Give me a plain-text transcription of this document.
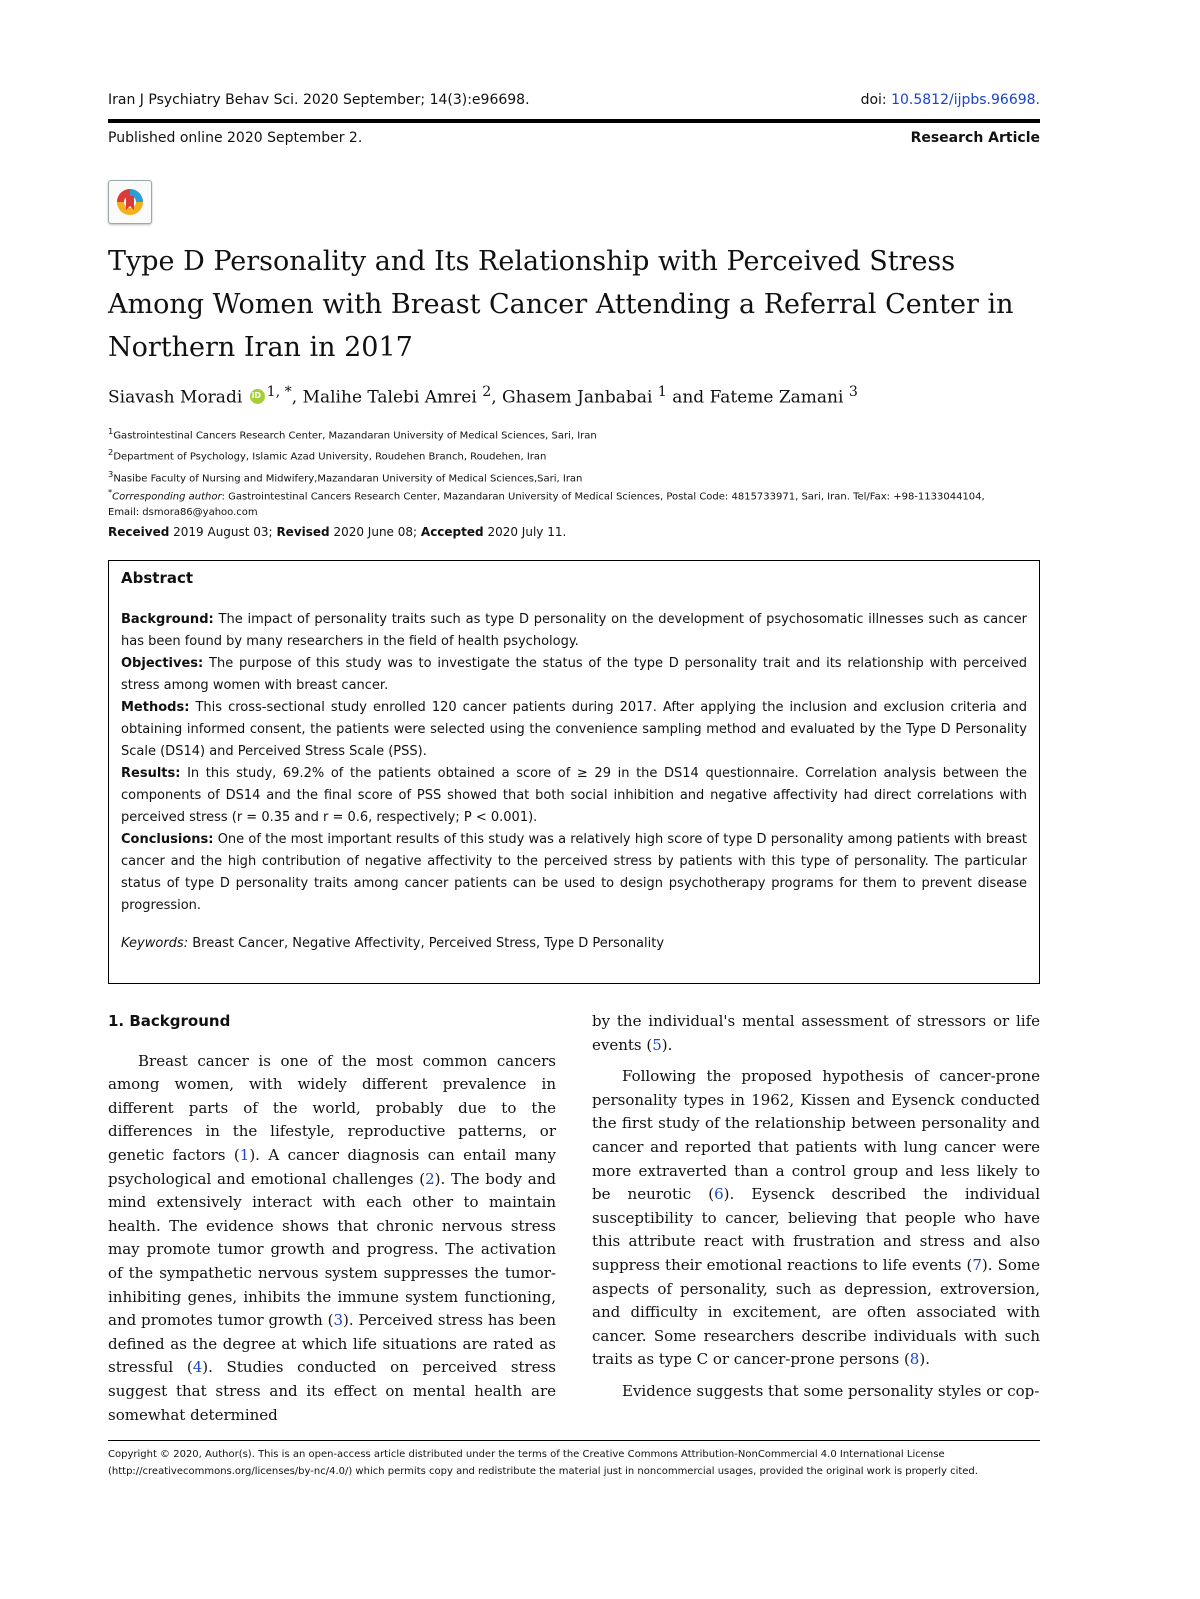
Iran J Psychiatry Behav Sci. 2020 September; 14(3):e96698.	doi: 10.5812/ijpbs.96698.
Published online 2020 September 2.	Research Article
Type D Personality and Its Relationship with Perceived Stress Among Women with Breast Cancer Attending a Referral Center in Northern Iran in 2017
Siavash Moradi iD $^{1, *}$, Malihe Talebi Amrei $^2$, Ghasem Janbabai $^1$ and Fateme Zamani $^3$
$^1$Gastrointestinal Cancers Research Center, Mazandaran University of Medical Sciences, Sari, Iran
$^2$Department of Psychology, Islamic Azad University, Roudehen Branch, Roudehen, Iran
$^3$Nasibe Faculty of Nursing and Midwifery,Mazandaran University of Medical Sciences,Sari, Iran
*Corresponding author: Gastrointestinal Cancers Research Center, Mazandaran University of Medical Sciences, Postal Code: 4815733971, Sari, Iran. Tel/Fax: +98-1133044104,
Email: dsmora86@yahoo.com
Received 2019 August 03; Revised 2020 June 08; Accepted 2020 July 11.
Abstract

Background: The impact of personality traits such as type D personality on the development of psychosomatic illnesses such as cancer has been found by many researchers in the field of health psychology.

Objectives: The purpose of this study was to investigate the status of the type D personality trait and its relationship with perceived stress among women with breast cancer.

Methods: This cross-sectional study enrolled 120 cancer patients during 2017. After applying the inclusion and exclusion criteria and obtaining informed consent, the patients were selected using the convenience sampling method and evaluated by the Type D Personality Scale (DS14) and Perceived Stress Scale (PSS).

Results: In this study, 69.2% of the patients obtained a score of ≥ 29 in the DS14 questionnaire. Correlation analysis between the components of DS14 and the final score of PSS showed that both social inhibition and negative affectivity had direct correlations with perceived stress (r = 0.35 and r = 0.6, respectively; P < 0.001).

Conclusions: One of the most important results of this study was a relatively high score of type D personality among patients with breast cancer and the high contribution of negative affectivity to the perceived stress by patients with this type of personality. The particular status of type D personality traits among cancer patients can be used to design psychotherapy programs for them to prevent disease progression.

Keywords: Breast Cancer, Negative Affectivity, Perceived Stress, Type D Personality
1. Background

Breast cancer is one of the most common cancers among women, with widely different prevalence in different parts of the world, probably due to the differences in the lifestyle, reproductive patterns, or genetic factors (1). A cancer diagnosis can entail many psychological and emotional challenges (2). The body and mind extensively interact with each other to maintain health. The evidence shows that chronic nervous stress may promote tumor growth and progress. The activation of the sympathetic nervous system suppresses the tumor-inhibiting genes, inhibits the immune system functioning, and promotes tumor growth (3). Perceived stress has been defined as the degree at which life situations are rated as stressful (4). Studies conducted on perceived stress suggest that stress and its effect on mental health are somewhat determined

by the individual's mental assessment of stressors or life events (5).

Following the proposed hypothesis of cancer-prone personality types in 1962, Kissen and Eysenck conducted the first study of the relationship between personality and cancer and reported that patients with lung cancer were more extraverted than a control group and less likely to be neurotic (6). Eysenck described the individual susceptibility to cancer, believing that people who have this attribute react with frustration and stress and also suppress their emotional reactions to life events (7). Some aspects of personality, such as depression, extroversion, and difficulty in excitement, are often associated with cancer. Some researchers describe individuals with such traits as type C or cancer-prone persons (8).

Evidence suggests that some personality styles or cop-

Copyright © 2020, Author(s). This is an open-access article distributed under the terms of the Creative Commons Attribution-NonCommercial 4.0 International License (http://creativecommons.org/licenses/by-nc/4.0/) which permits copy and redistribute the material just in noncommercial usages, provided the original work is properly cited.
